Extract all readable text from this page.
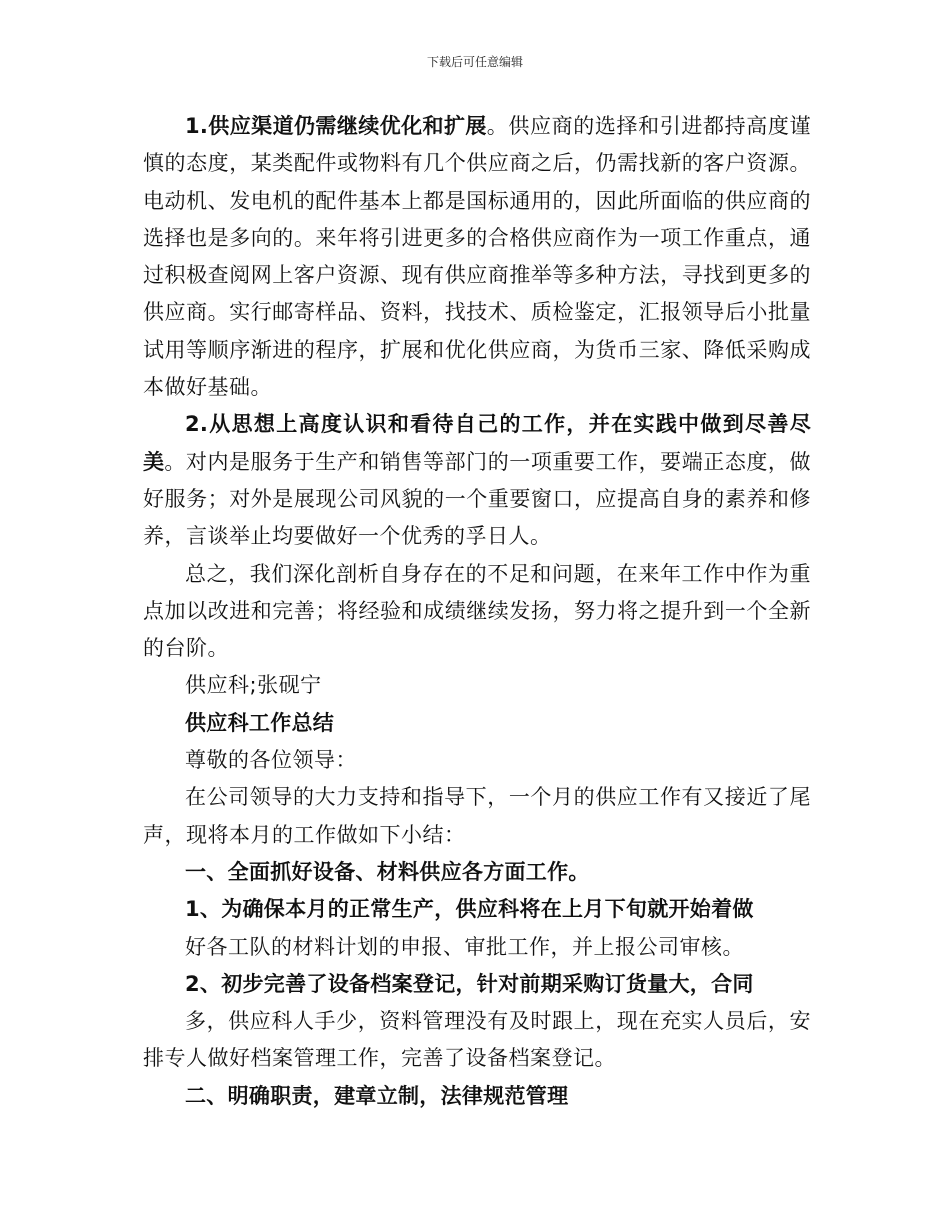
下载后可任意编辑

1.供应渠道仍需继续优化和扩展。供应商的选择和引进都持高度谨慎的态度，某类配件或物料有几个供应商之后，仍需找新的客户资源。电动机、发电机的配件基本上都是国标通用的，因此所面临的供应商的选择也是多向的。来年将引进更多的合格供应商作为一项工作重点，通过积极查阅网上客户资源、现有供应商推举等多种方法，寻找到更多的供应商。实行邮寄样品、资料，找技术、质检鉴定，汇报领导后小批量试用等顺序渐进的程序，扩展和优化供应商，为货币三家、降低采购成本做好基础。

2.从思想上高度认识和看待自己的工作，并在实践中做到尽善尽美。对内是服务于生产和销售等部门的一项重要工作，要端正态度，做好服务；对外是展现公司风貌的一个重要窗口，应提高自身的素养和修养，言谈举止均要做好一个优秀的孚日人。

总之，我们深化剖析自身存在的不足和问题，在来年工作中作为重点加以改进和完善；将经验和成绩继续发扬，努力将之提升到一个全新的台阶。

供应科;张砚宁

供应科工作总结

尊敬的各位领导：

在公司领导的大力支持和指导下，一个月的供应工作有又接近了尾声，现将本月的工作做如下小结：

一、全面抓好设备、材料供应各方面工作。

1、为确保本月的正常生产，供应科将在上月下旬就开始着做

好各工队的材料计划的申报、审批工作，并上报公司审核。

2、初步完善了设备档案登记，针对前期采购订货量大，合同

多，供应科人手少，资料管理没有及时跟上，现在充实人员后，安排专人做好档案管理工作，完善了设备档案登记。

二、明确职责，建章立制，法律规范管理
